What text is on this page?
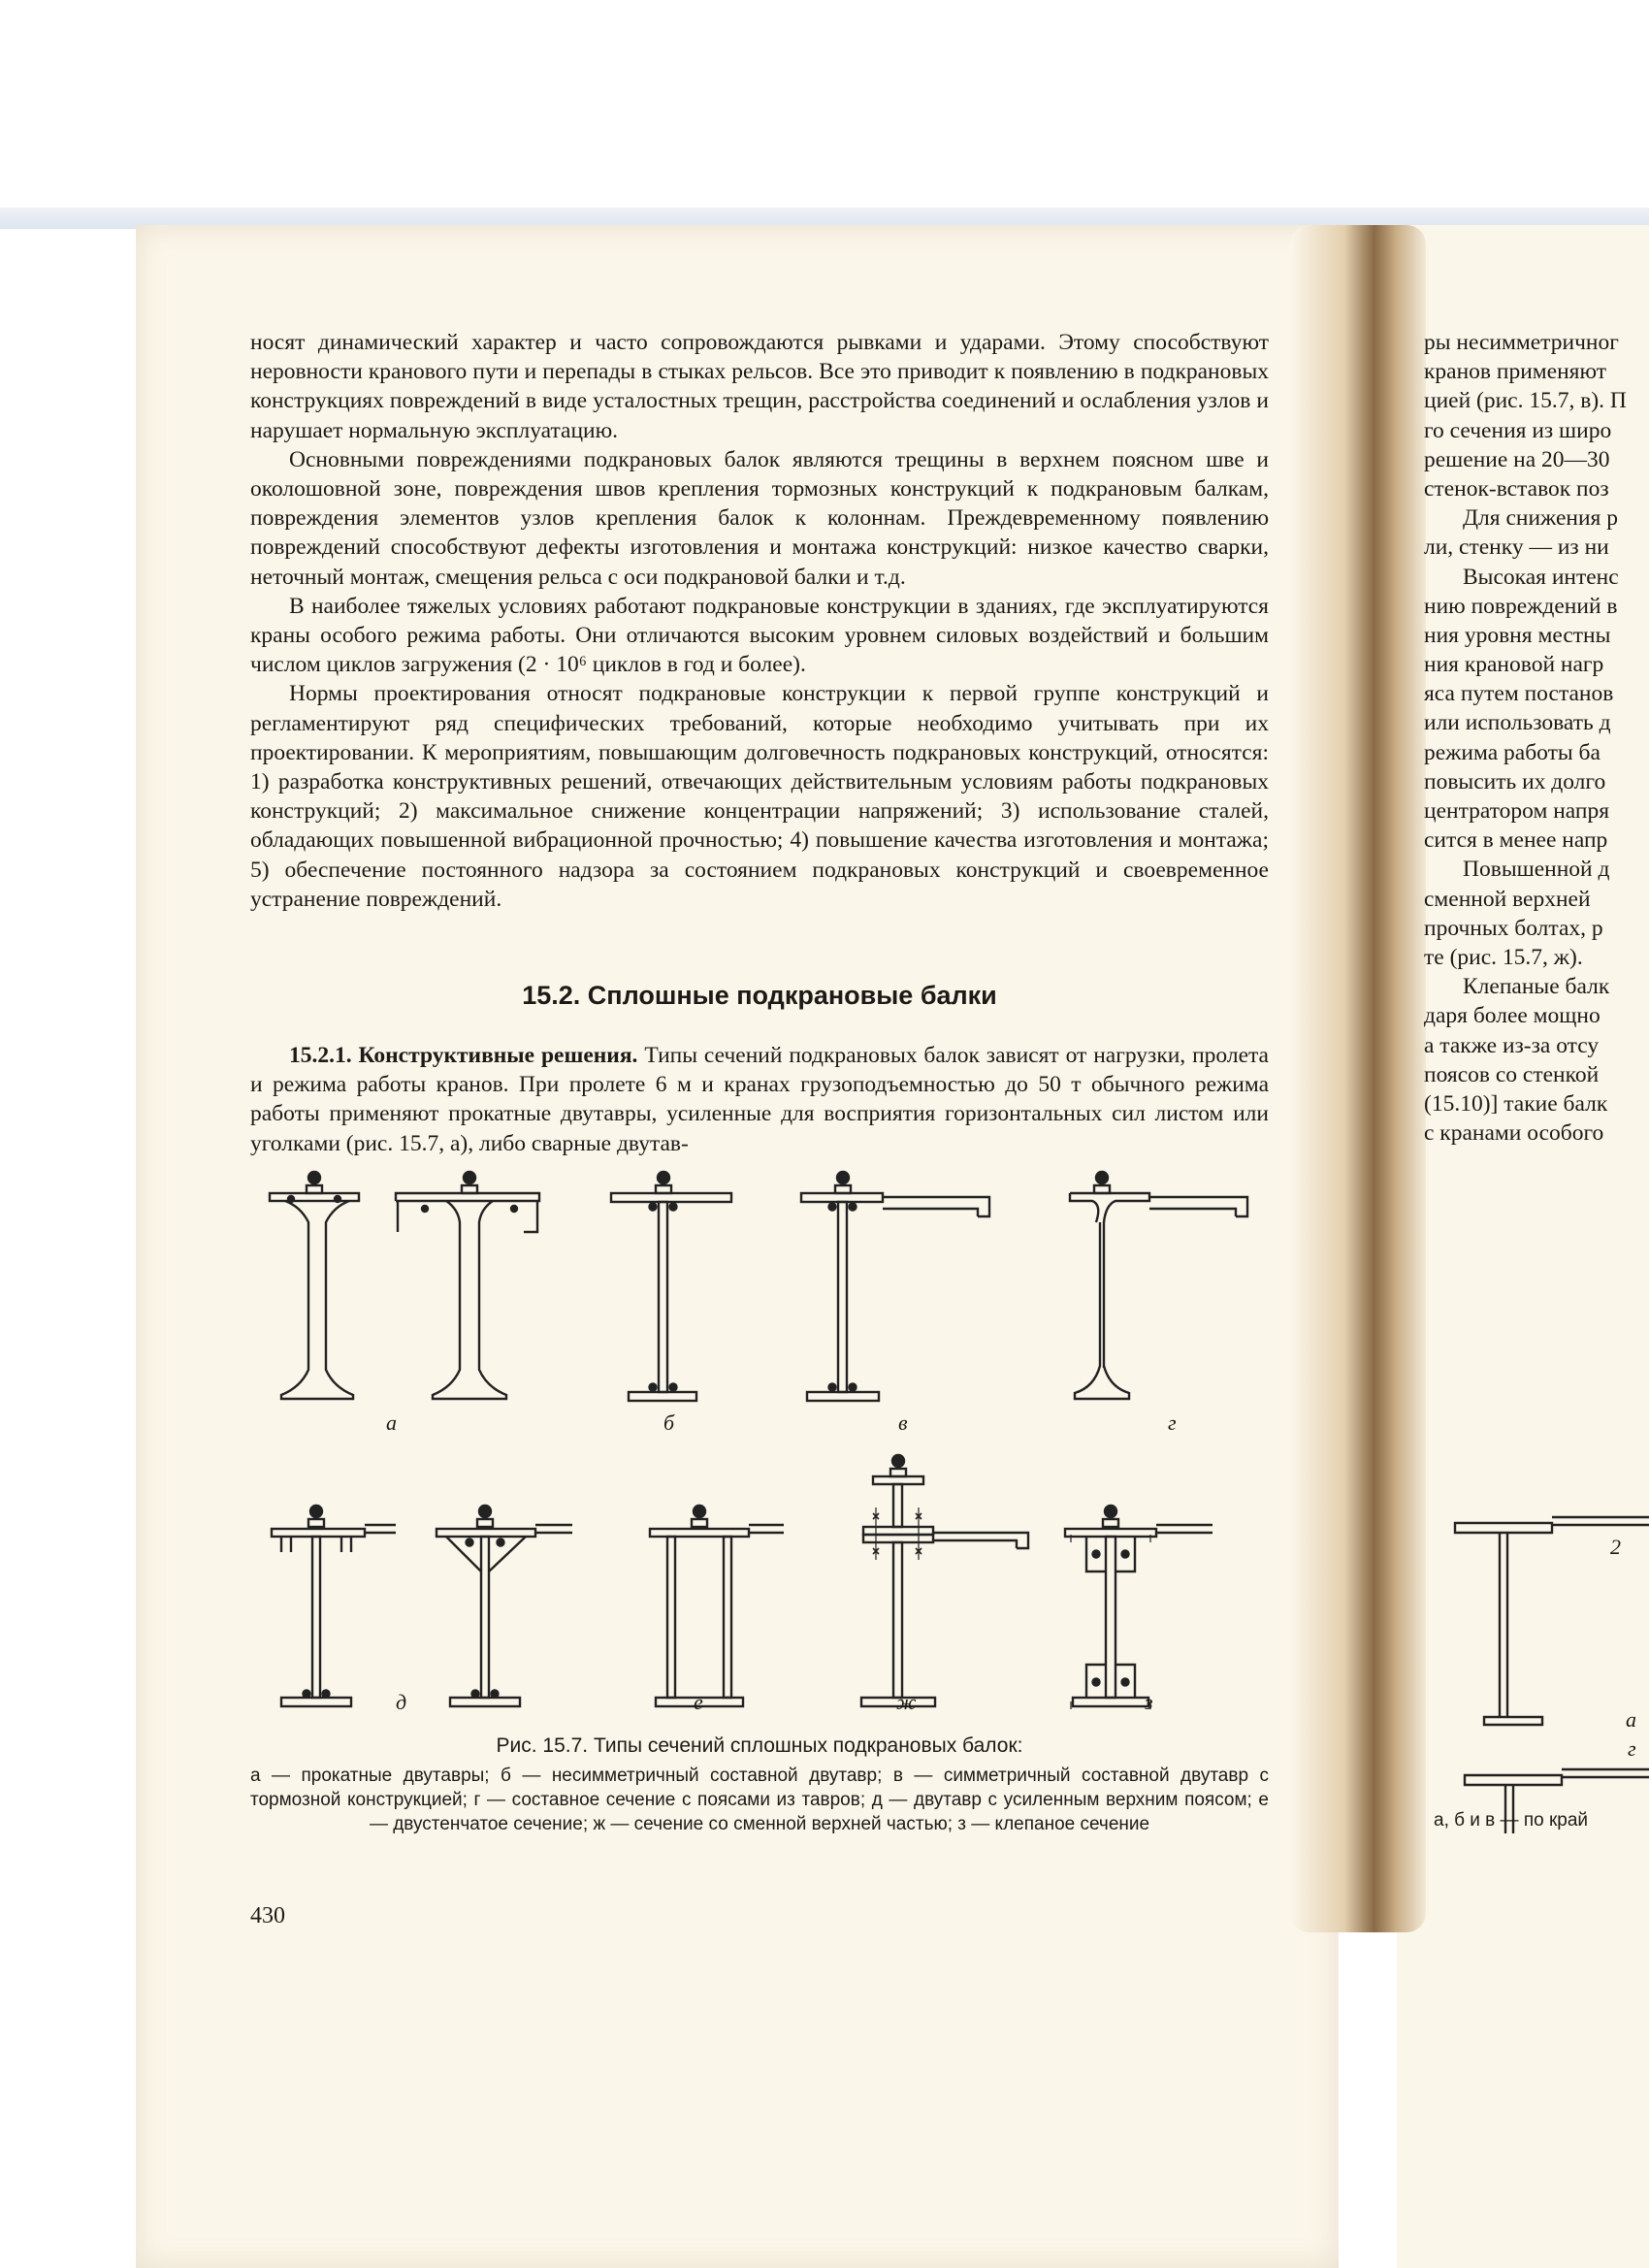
носят динамический характер и часто сопровождаются рывками и ударами. Этому способствуют неровности кранового пути и перепады в стыках рельсов. Все это приводит к появлению в подкрановых конструкциях повреждений в виде усталостных трещин, расстройства соединений и ослабления узлов и нарушает нормальную эксплуатацию.

Основными повреждениями подкрановых балок являются трещины в верхнем поясном шве и околошовной зоне, повреждения швов крепления тормозных конструкций к подкрановым балкам, повреждения элементов узлов крепления балок к колоннам. Преждевременному появлению повреждений способствуют дефекты изготовления и монтажа конструкций: низкое качество сварки, неточный монтаж, смещения рельса с оси подкрановой балки и т.д.

В наиболее тяжелых условиях работают подкрановые конструкции в зданиях, где эксплуатируются краны особого режима работы. Они отличаются высоким уровнем силовых воздействий и большим числом циклов загружения (2 · 10⁶ циклов в год и более).

Нормы проектирования относят подкрановые конструкции к первой группе конструкций и регламентируют ряд специфических требований, которые необходимо учитывать при их проектировании. К мероприятиям, повышающим долговечность подкрановых конструкций, относятся: 1) разработка конструктивных решений, отвечающих действительным условиям работы подкрановых конструкций; 2) максимальное снижение концентрации напряжений; 3) использование сталей, обладающих повышенной вибрационной прочностью; 4) повышение качества изготовления и монтажа; 5) обеспечение постоянного надзора за состоянием подкрановых конструкций и своевременное устранение повреждений.

15.2. Сплошные подкрановые балки
15.2.1. Конструктивные решения. Типы сечений подкрановых балок зависят от нагрузки, пролета и режима работы кранов. При пролете 6 м и кранах грузоподъемностью до 50 т обычного режима работы применяют прокатные двутавры, усиленные для восприятия горизонтальных сил листом или уголками (рис. 15.7, а), либо сварные двутав-
а	б	в	г
д	е	ж	з
Рис. 15.7. Типы сечений сплошных подкрановых балок:
а — прокатные двутавры; б — несимметричный составной двутавр; в — симметричный составной двутавр с тормозной конструкцией; г — составное сечение с поясами из тавров; д — двутавр с усиленным верхним поясом; е — двустенчатое сечение; ж — сечение со сменной верхней частью; з — клепаное сечение
430
ры несимметричног
кранов применяют
цией (рис. 15.7, в). П
го сечения из широ
решение на 20—30
стенок-вставок поз
Для снижения р
ли, стенку — из ни
Высокая интенс
нию повреждений в
ния уровня местны
ния крановой нагр
яса путем постанов
или использовать д
режима работы ба
повысить их долго
центратором напря
сится в менее напр
Повышенной д
сменной верхней
прочных болтах, р
те (рис. 15.7, ж).
Клепаные балк
даря более мощно
а также из-за отсу
поясов со стенкой
(15.10)] такие балк
с кранами особого
2
а
г
а, б и в — по край
